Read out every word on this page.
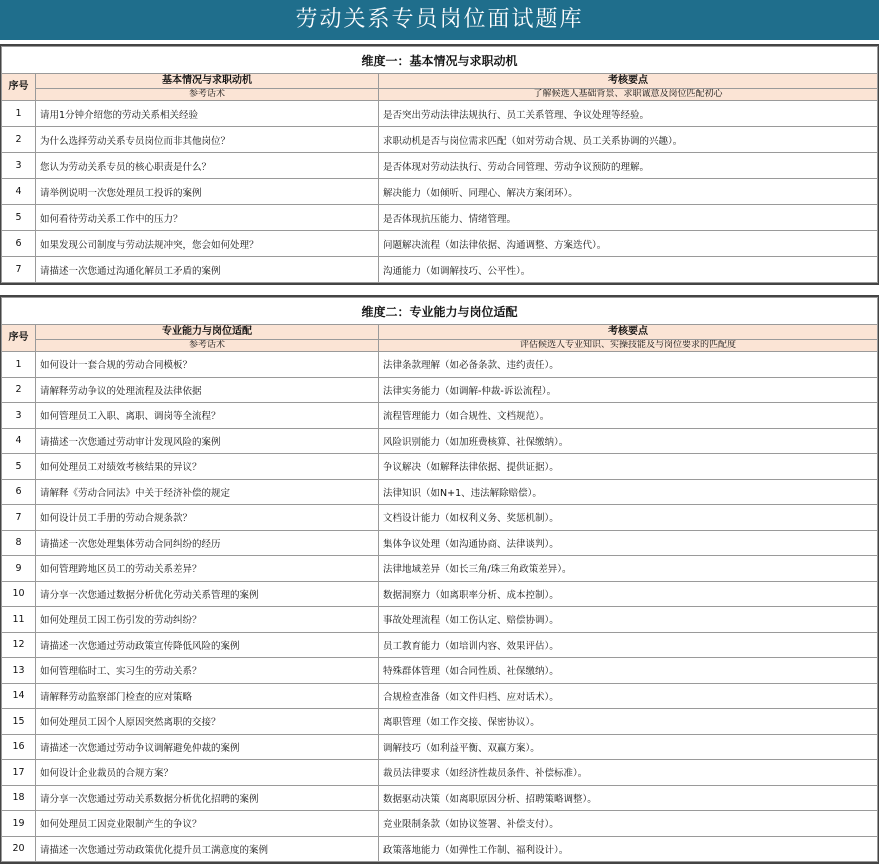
劳动关系专员岗位面试题库
维度一：基本情况与求职动机		
序号	基本情况与求职动机	考核要点
	参考话术	了解候选人基础背景、求职诚意及岗位匹配初心
1	请用1分钟介绍您的劳动关系相关经验	是否突出劳动法律法规执行、员工关系管理、争议处理等经验。
2	为什么选择劳动关系专员岗位而非其他岗位？	求职动机是否与岗位需求匹配（如对劳动合规、员工关系协调的兴趣）。
3	您认为劳动关系专员的核心职责是什么？	是否体现对劳动法执行、劳动合同管理、劳动争议预防的理解。
4	请举例说明一次您处理员工投诉的案例	解决能力（如倾听、同理心、解决方案闭环）。
5	如何看待劳动关系工作中的压力？	是否体现抗压能力、情绪管理。
6	如果发现公司制度与劳动法规冲突，您会如何处理？	问题解决流程（如法律依据、沟通调整、方案迭代）。
7	请描述一次您通过沟通化解员工矛盾的案例	沟通能力（如调解技巧、公平性）。
维度二：专业能力与岗位适配		
序号	专业能力与岗位适配	考核要点
	参考话术	评估候选人专业知识、实操技能及与岗位要求的匹配度
1	如何设计一套合规的劳动合同模板？	法律条款理解（如必备条款、违约责任）。
2	请解释劳动争议的处理流程及法律依据	法律实务能力（如调解-仲裁-诉讼流程）。
3	如何管理员工入职、离职、调岗等全流程？	流程管理能力（如合规性、文档规范）。
4	请描述一次您通过劳动审计发现风险的案例	风险识别能力（如加班费核算、社保缴纳）。
5	如何处理员工对绩效考核结果的异议？	争议解决（如解释法律依据、提供证据）。
6	请解释《劳动合同法》中关于经济补偿的规定	法律知识（如N+1、违法解除赔偿）。
7	如何设计员工手册的劳动合规条款？	文档设计能力（如权利义务、奖惩机制）。
8	请描述一次您处理集体劳动合同纠纷的经历	集体争议处理（如沟通协商、法律谈判）。
9	如何管理跨地区员工的劳动关系差异？	法律地域差异（如长三角/珠三角政策差异）。
10	请分享一次您通过数据分析优化劳动关系管理的案例	数据洞察力（如离职率分析、成本控制）。
11	如何处理员工因工伤引发的劳动纠纷？	事故处理流程（如工伤认定、赔偿协调）。
12	请描述一次您通过劳动政策宣传降低风险的案例	员工教育能力（如培训内容、效果评估）。
13	如何管理临时工、实习生的劳动关系？	特殊群体管理（如合同性质、社保缴纳）。
14	请解释劳动监察部门检查的应对策略	合规检查准备（如文件归档、应对话术）。
15	如何处理员工因个人原因突然离职的交接？	离职管理（如工作交接、保密协议）。
16	请描述一次您通过劳动争议调解避免仲裁的案例	调解技巧（如利益平衡、双赢方案）。
17	如何设计企业裁员的合规方案？	裁员法律要求（如经济性裁员条件、补偿标准）。
18	请分享一次您通过劳动关系数据分析优化招聘的案例	数据驱动决策（如离职原因分析、招聘策略调整）。
19	如何处理员工因竞业限制产生的争议？	竞业限制条款（如协议签署、补偿支付）。
20	请描述一次您通过劳动政策优化提升员工满意度的案例	政策落地能力（如弹性工作制、福利设计）。
